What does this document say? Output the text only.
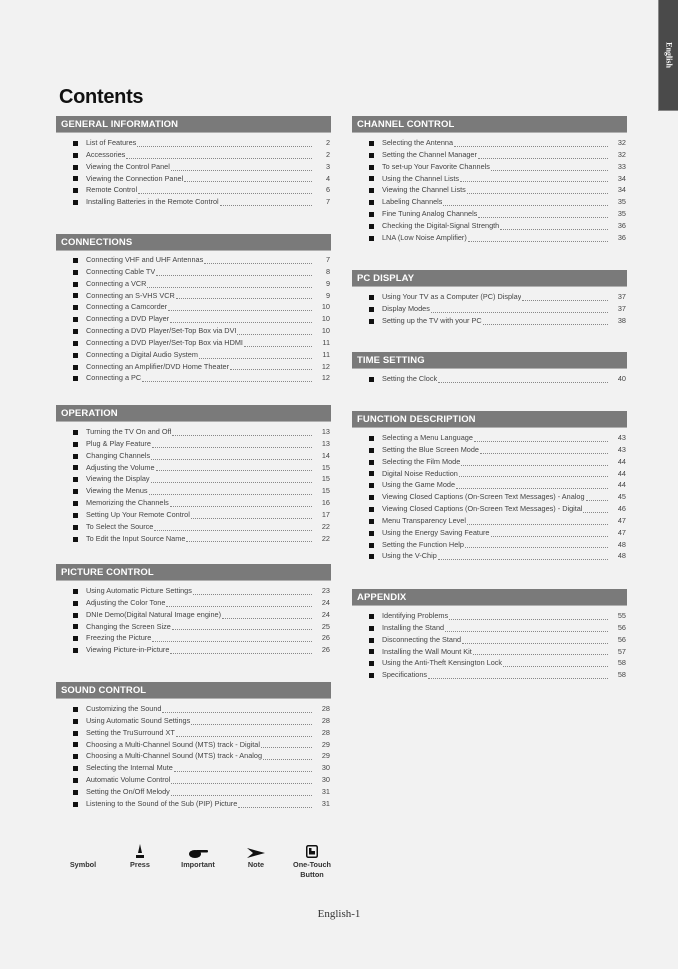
English
Contents
GENERAL INFORMATION
List of Features	2
Accessories	2
Viewing the Control Panel	3
Viewing the Connection Panel	4
Remote Control	6
Installing Batteries in the Remote Control	7
CONNECTIONS
Connecting VHF and UHF Antennas	7
Connecting Cable TV	8
Connecting a VCR	9
Connecting an S-VHS VCR	9
Connecting a Camcorder	10
Connecting a DVD Player	10
Connecting a DVD Player/Set-Top Box via DVI	10
Connecting a DVD Player/Set-Top Box via HDMI	11
Connecting a Digital Audio System	11
Connecting an Amplifier/DVD Home Theater	12
Connecting a PC	12
OPERATION
Turning the TV On and Off	13
Plug & Play Feature	13
Changing Channels	14
Adjusting the Volume	15
Viewing the Display	15
Viewing the Menus	15
Memorizing the Channels	16
Setting Up Your Remote Control	17
To Select the Source	22
To Edit the Input Source Name	22
PICTURE CONTROL
Using Automatic Picture Settings	23
Adjusting the Color Tone	24
DNIe Demo(Digital Natural Image engine)	24
Changing the Screen Size	25
Freezing the Picture	26
Viewing Picture-in-Picture	26
SOUND CONTROL
Customizing the Sound	28
Using Automatic Sound Settings	28
Setting the TruSurround XT	28
Choosing a Multi-Channel Sound (MTS) track - Digital	29
Choosing a Multi-Channel Sound (MTS) track - Analog	29
Selecting the Internal Mute	30
Automatic Volume Control	30
Setting the On/Off Melody	31
Listening to the Sound of the Sub (PIP) Picture	31
CHANNEL CONTROL
Selecting the Antenna	32
Setting the Channel Manager	32
To set-up Your Favorite Channels	33
Using the Channel Lists	34
Viewing the Channel Lists	34
Labeling Channels	35
Fine Tuning Analog Channels	35
Checking the Digital-Signal Strength	36
LNA (Low Noise Amplifier)	36
PC DISPLAY
Using Your TV as a Computer (PC) Display	37
Display Modes	37
Setting up the TV with your PC	38
TIME SETTING
Setting the Clock	40
FUNCTION DESCRIPTION
Selecting a Menu Language	43
Setting the Blue Screen Mode	43
Selecting the Film Mode	44
Digital Noise Reduction	44
Using the Game Mode	44
Viewing Closed Captions (On-Screen Text Messages) - Analog	45
Viewing Closed Captions (On-Screen Text Messages) - Digital	46
Menu Transparency Level	47
Using the Energy Saving Feature	47
Setting the Function Help	48
Using the V-Chip	48
APPENDIX
Identifying Problems	55
Installing the Stand	56
Disconnecting the Stand	56
Installing the Wall Mount Kit	57
Using the Anti-Theft Kensington Lock	58
Specifications	58
Symbol	Press	Important	Note	One-Touch
Button
English-1
